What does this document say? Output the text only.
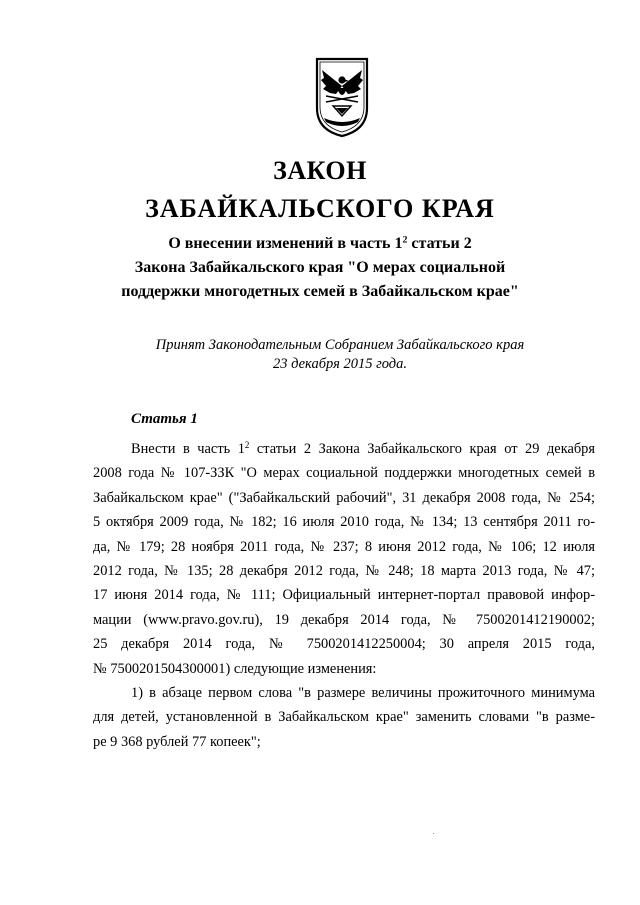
ЗАКОН
ЗАБАЙКАЛЬСКОГО КРАЯ
О внесении изменений в часть $1^2$ статьи 2
Закона Забайкальского края "О мерах социальной
поддержки многодетных семей в Забайкальском крае"
Принят Законодательным Собранием Забайкальского края
23 декабря 2015 года.
Статья 1
Внести в часть $1^2$ статьи 2 Закона Забайкальского края от 29 декабря
2008 года № 107-ЗЗК "О мерах социальной поддержки многодетных семей в
Забайкальском крае" ("Забайкальский рабочий", 31 декабря 2008 года, № 254;
5 октября 2009 года, № 182; 16 июля 2010 года, № 134; 13 сентября 2011 го-
да, № 179; 28 ноября 2011 года, № 237; 8 июня 2012 года, № 106; 12 июля
2012 года, № 135; 28 декабря 2012 года, № 248; 18 марта 2013 года, № 47;
17 июня 2014 года, № 111; Официальный интернет-портал правовой инфор-
мации (www.pravo.gov.ru), 19 декабря 2014 года, № 7500201412190002;
25 декабря 2014 года, № 7500201412250004; 30 апреля 2015 года,
№ 7500201504300001) следующие изменения:
1) в абзаце первом слова "в размере величины прожиточного минимума
для детей, установленной в Забайкальском крае" заменить словами "в разме-
ре 9 368 рублей 77 копеек";
